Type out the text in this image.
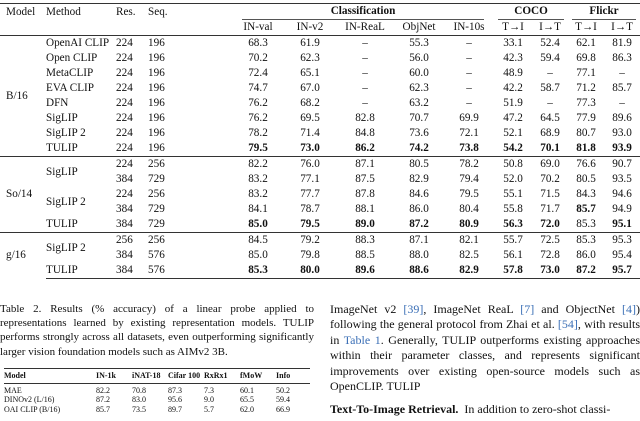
Model	Method	Res.	Seq.		Classification					COCO		Flickr	

					IN-val	IN-v2	IN-ReaL	ObjNet	IN-10s	T→I	I→T	T→I	I→T
B/16	OpenAI CLIP	224	196		68.3	61.9	–	55.3	–	33.1	52.4	62.1	81.9
	Open CLIP	224	196		70.2	62.3	–	56.0	–	42.3	59.4	69.8	86.3
	MetaCLIP	224	196		72.4	65.1	–	60.0	–	48.9	–	77.1	–
	EVA CLIP	224	196		74.7	67.0	–	62.3	–	42.2	58.7	71.2	85.7
	DFN	224	196		76.2	68.2	–	63.2	–	51.9	–	77.3	–
	SigLIP	224	196		76.2	69.5	82.8	70.7	69.9	47.2	64.5	77.9	89.6
	SigLIP 2	224	196		78.2	71.4	84.8	73.6	72.1	52.1	68.9	80.7	93.0
	TULIP	224	196		79.5	73.0	86.2	74.2	73.8	54.2	70.1	81.8	93.9
So/14	SigLIP	224	256		82.2	76.0	87.1	80.5	78.2	50.8	69.0	76.6	90.7
		384	729		83.2	77.1	87.5	82.9	79.4	52.0	70.2	80.5	93.5
	SigLIP 2	224	256		83.2	77.7	87.8	84.6	79.5	55.1	71.5	84.3	94.6
		384	729		84.1	78.7	88.1	86.0	80.4	55.8	71.7	85.7	94.9
	TULIP	384	729		85.0	79.5	89.0	87.2	80.9	56.3	72.0	85.3	95.1
g/16	SigLIP 2	256	256		84.5	79.2	88.3	87.1	82.1	55.7	72.5	85.3	95.3
		384	576		85.0	79.8	88.5	88.0	82.5	56.1	72.8	86.0	95.4
	TULIP	384	576		85.3	80.0	89.6	88.6	82.9	57.8	73.0	87.2	95.7
Table 2. Results (% accuracy) of a linear probe applied to representations learned by existing representation models. TULIP performs strongly across all datasets, even outperforming significantly larger vision foundation models such as AIMv2 3B.
Model	IN-1k	iNAT-18	Cifar 100	RxRx1	fMoW	Info
MAE	82.2	70.8	87.3	7.3	60.1	50.2
DINOv2 (L/16)	87.2	83.0	95.6	9.0	65.5	59.4
OAI CLIP (B/16)	85.7	73.5	89.7	5.7	62.0	66.9

ImageNet v2 [39], ImageNet ReaL [7] and ObjectNet [4]) following the general protocol from Zhai et al. [54], with results in Table 1. Generally, TULIP outperforms existing approaches within their parameter classes, and represents significant improvements over existing open-source models such as OpenCLIP. TULIP

Text-To-Image Retrieval. In addition to zero-shot classi-
